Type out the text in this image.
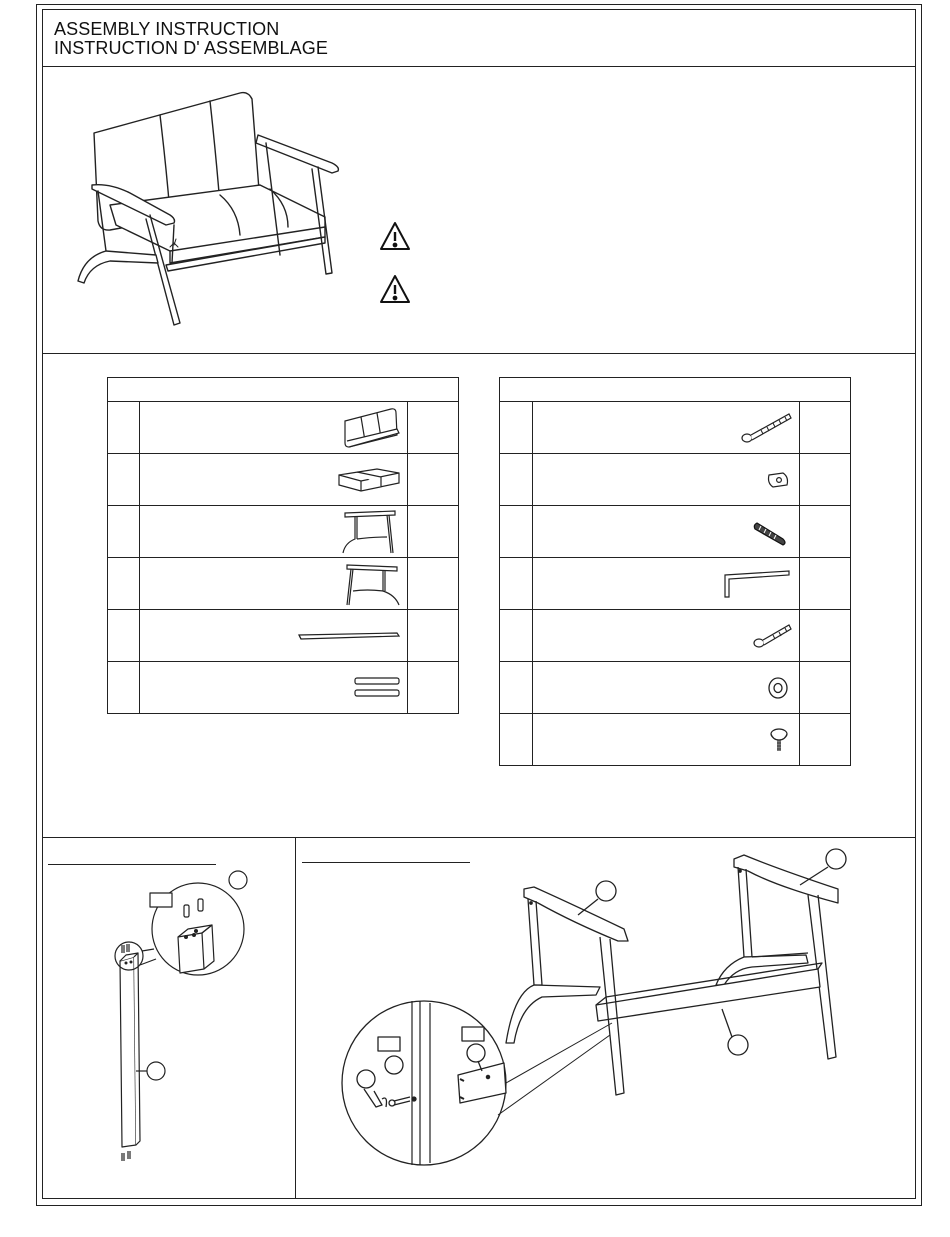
ASSEMBLY INSTRUCTION
INSTRUCTION D' ASSEMBLAGE
